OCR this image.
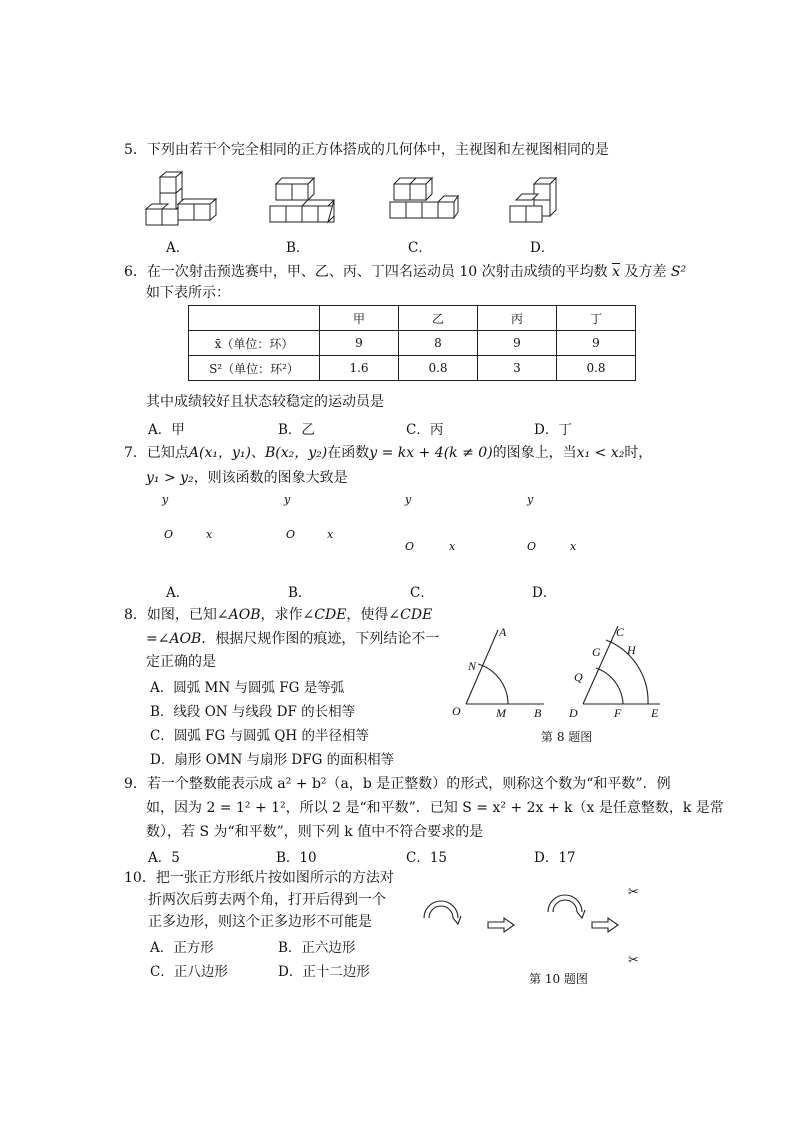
5．下列由若干个完全相同的正方体搭成的几何体中，主视图和左视图相同的是
A．	B．	C．	D．
6．在一次射击预选赛中，甲、乙、丙、丁四名运动员 10 次射击成绩的平均数 $\overline{x}$ 及方差 S²
如下表所示：
	甲	乙	丙	丁
x̄（单位：环）	9	8	9	9
S²（单位：环²）	1.6	0.8	3	0.8
其中成绩较好且状态较稳定的运动员是
A．甲	B．乙	C．丙	D．丁
7．已知点A(x₁，y₁)、B(x₂，y₂)在函数y = kx + 4(k ≠ 0)的图象上，当x₁ < x₂时，
y₁ > y₂，则该函数的图象大致是
y
O	x
y
O	x
y
O	x
y
O	x
A．	B．	C．	D．
8．如图，已知∠AOB，求作∠CDE，使得∠CDE
=∠AOB．根据尺规作图的痕迹，下列结论不一
定正确的是
A．圆弧 MN 与圆弧 FG 是等弧
B．线段 ON 与线段 DF 的长相等
C．圆弧 FG 与圆弧 QH 的半径相等
D．扇形 OMN 与扇形 DFG 的面积相等
A
N
O	M B
C
G H
Q
D	F E
第 8 题图
9．若一个整数能表示成 a² + b²（a，b 是正整数）的形式，则称这个数为“和平数”．例
如，因为 2 = 1² + 1²，所以 2 是“和平数”．已知 S = x² + 2x + k（x 是任意整数，k 是常
数），若 S 为“和平数”，则下列 k 值中不符合要求的是
A．5	B．10	C．15	D．17
10．把一张正方形纸片按如图所示的方法对
折两次后剪去两个角，打开后得到一个
正多边形，则这个正多边形不可能是
A．正方形	B．正六边形
C．正八边形	D．正十二边形
✂
✂
第 10 题图
